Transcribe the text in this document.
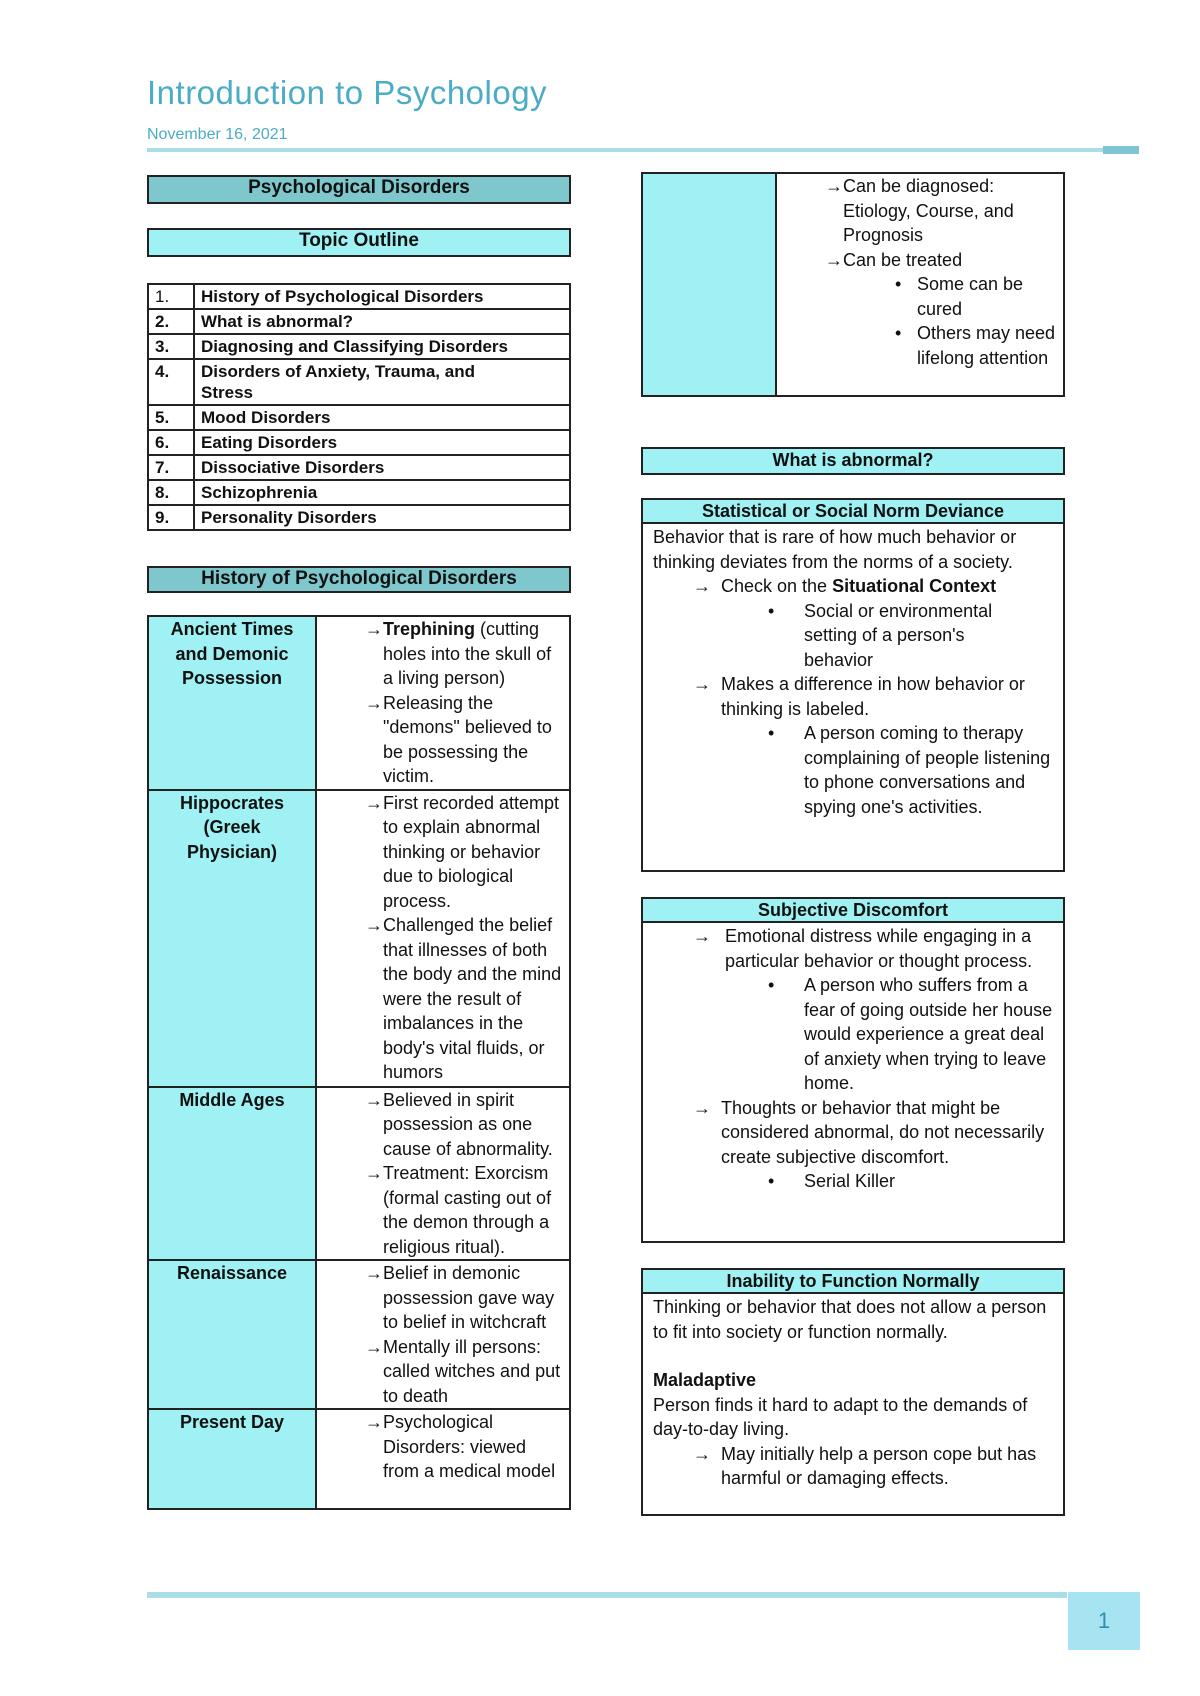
Introduction to Psychology
November 16, 2021
Psychological Disorders
Topic Outline
1.	History of Psychological Disorders
2.	What is abnormal?
3.	Diagnosing and Classifying Disorders
4.	Disorders of Anxiety, Trauma, and Stress
5.	Mood Disorders
6.	Eating Disorders
7.	Dissociative Disorders
8.	Schizophrenia
9.	Personality Disorders
History of Psychological Disorders
Ancient Times and Demonic Possession	→ Trephining (cutting holes into the skull of a living person)
→ Releasing the "demons" believed to be possessing the victim.

Hippocrates (Greek Physician)	→ First recorded attempt to explain abnormal thinking or behavior due to biological process.
→ Challenged the belief that illnesses of both the body and the mind were the result of imbalances in the body's vital fluids, or humors

Middle Ages	→ Believed in spirit possession as one cause of abnormality.
→ Treatment: Exorcism (formal casting out of the demon through a religious ritual).

Renaissance	→ Belief in demonic possession gave way to belief in witchcraft
→ Mentally ill persons: called witches and put to death

Present Day	→ Psychological Disorders: viewed from a medical model

→ Can be diagnosed: Etiology, Course, and Prognosis
→ Can be treated
• Some can be cured
• Others may need lifelong attention
What is abnormal?
Statistical or Social Norm Deviance
Behavior that is rare of how much behavior or thinking deviates from the norms of a society.
→ Check on the Situational Context
•	Social or environmental setting of a person's behavior
→ Makes a difference in how behavior or thinking is labeled.
•	A person coming to therapy complaining of people listening to phone conversations and spying one's activities.
Subjective Discomfort
→ Emotional distress while engaging in a particular behavior or thought process.
•	A person who suffers from a fear of going outside her house would experience a great deal of anxiety when trying to leave home.
→ Thoughts or behavior that might be considered abnormal, do not necessarily create subjective discomfort.
•	Serial Killer
Inability to Function Normally
Thinking or behavior that does not allow a person to fit into society or function normally.
Maladaptive
Person finds it hard to adapt to the demands of day-to-day living.
→ May initially help a person cope but has harmful or damaging effects.
1
